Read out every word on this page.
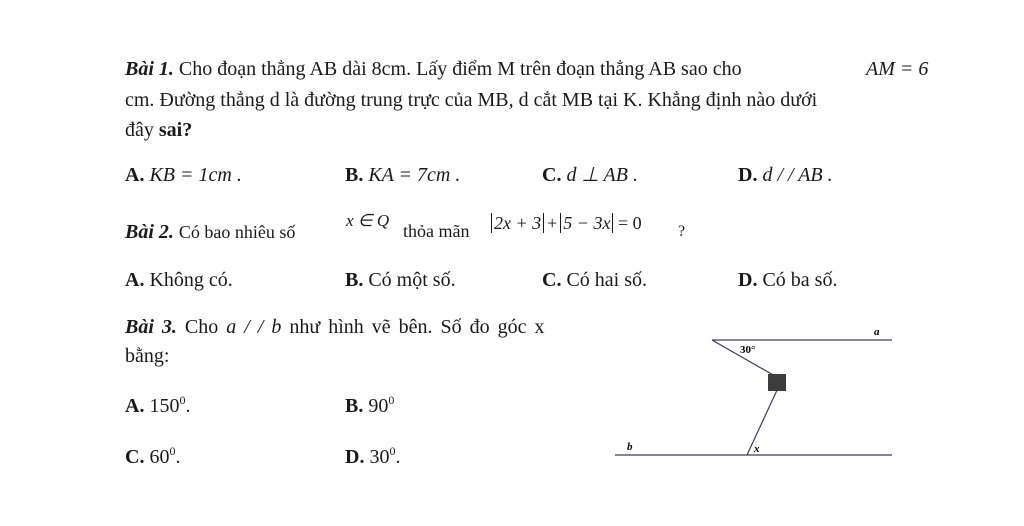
Bài 1. Cho đoạn thẳng AB dài 8cm. Lấy điểm M trên đoạn thẳng AB sao cho	AM = 6
cm. Đường thẳng d là đường trung trực của MB, d cắt MB tại K. Khẳng định nào dưới
đây sai?
A. KB = 1cm .	B. KA = 7cm .	C. d ⊥ AB .	D. d / / AB .
Bài 2. Có bao nhiêu số
x ∈ Q
thỏa mãn 2x + 3 + 5 − 3x = 0 ?
A. Không có.	B. Có một số.	C. Có hai số.	D. Có ba số.
Bài 3. Cho a / / b như hình vẽ bên. Số đo góc x
bằng:
A. $150^0$.	B. $90^0$
C. $60^0$.	D. $30^0$.
a
b
30°
x
